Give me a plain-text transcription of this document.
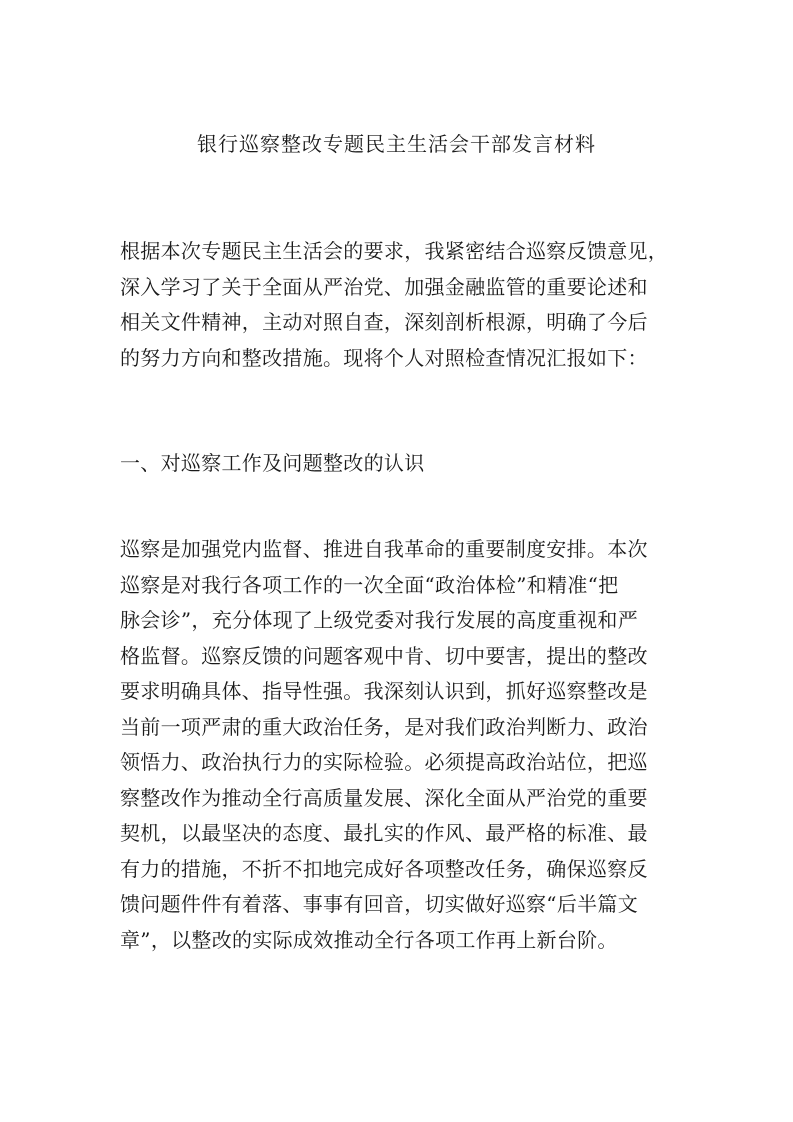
银行巡察整改专题民主生活会干部发言材料
根据本次专题民主生活会的要求，我紧密结合巡察反馈意见，
深入学习了关于全面从严治党、加强金融监管的重要论述和
相关文件精神，主动对照自查，深刻剖析根源，明确了今后
的努力方向和整改措施。现将个人对照检查情况汇报如下：
一、对巡察工作及问题整改的认识
巡察是加强党内监督、推进自我革命的重要制度安排。本次
巡察是对我行各项工作的一次全面“政治体检”和精准“把
脉会诊”，充分体现了上级党委对我行发展的高度重视和严
格监督。巡察反馈的问题客观中肯、切中要害，提出的整改
要求明确具体、指导性强。我深刻认识到，抓好巡察整改是
当前一项严肃的重大政治任务，是对我们政治判断力、政治
领悟力、政治执行力的实际检验。必须提高政治站位，把巡
察整改作为推动全行高质量发展、深化全面从严治党的重要
契机，以最坚决的态度、最扎实的作风、最严格的标准、最
有力的措施，不折不扣地完成好各项整改任务，确保巡察反
馈问题件件有着落、事事有回音，切实做好巡察“后半篇文
章”，以整改的实际成效推动全行各项工作再上新台阶。
